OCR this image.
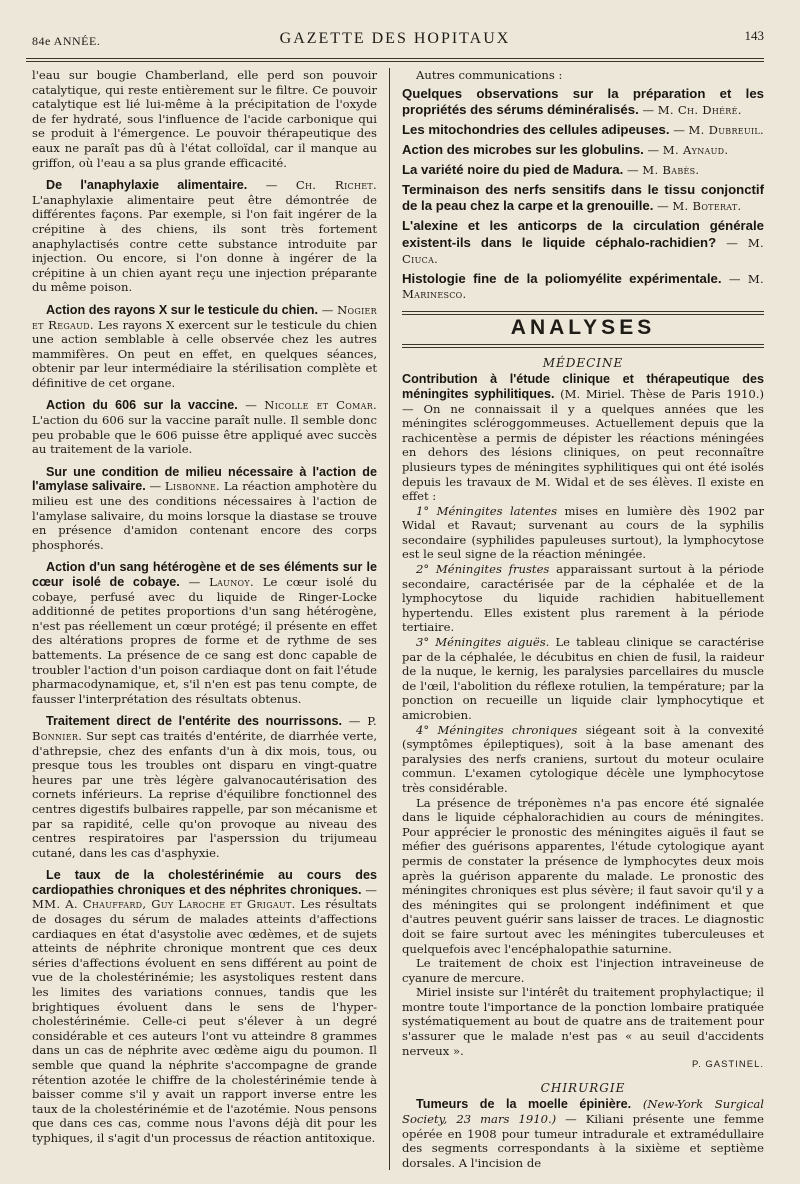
84e ANNÉE.	GAZETTE DES HOPITAUX	143

l'eau sur bougie Chamberland, elle perd son pouvoir catalytique, qui reste entièrement sur le filtre. Ce pouvoir catalytique est lié lui-même à la précipitation de l'oxyde de fer hydraté, sous l'influence de l'acide carbonique qui se produit à l'émergence. Le pouvoir thérapeutique des eaux ne paraît pas dû à l'état colloïdal, car il manque au griffon, où l'eau a sa plus grande efficacité.

De l'anaphylaxie alimentaire. — Ch. Richet. L'anaphylaxie alimentaire peut être démontrée de différentes façons. Par exemple, si l'on fait ingérer de la crépitine à des chiens, ils sont très fortement anaphylactisés contre cette substance introduite par injection. Ou encore, si l'on donne à ingérer de la crépitine à un chien ayant reçu une injection préparante du même poison.

Action des rayons X sur le testicule du chien. — Nogier et Regaud. Les rayons X exercent sur le testicule du chien une action semblable à celle observée chez les autres mammifères. On peut en effet, en quelques séances, obtenir par leur intermédiaire la stérilisation complète et définitive de cet organe.

Action du 606 sur la vaccine. — Nicolle et Comar. L'action du 606 sur la vaccine paraît nulle. Il semble donc peu probable que le 606 puisse être appliqué avec succès au traitement de la variole.

Sur une condition de milieu nécessaire à l'action de l'amylase salivaire. — Lisbonne. La réaction amphotère du milieu est une des conditions nécessaires à l'action de l'amylase salivaire, du moins lorsque la diastase se trouve en présence d'amidon contenant encore des corps phosphorés.

Action d'un sang hétérogène et de ses éléments sur le cœur isolé de cobaye. — Launoy. Le cœur isolé du cobaye, perfusé avec du liquide de Ringer-Locke additionné de petites proportions d'un sang hétérogène, n'est pas réellement un cœur protégé; il présente en effet des altérations propres de forme et de rythme de ses battements. La présence de ce sang est donc capable de troubler l'action d'un poison cardiaque dont on fait l'étude pharmacodynamique, et, s'il n'en est pas tenu compte, de fausser l'interprétation des résultats obtenus.

Traitement direct de l'entérite des nourrissons. — P. Bonnier. Sur sept cas traités d'entérite, de diarrhée verte, d'athrepsie, chez des enfants d'un à dix mois, tous, ou presque tous les troubles ont disparu en vingt-quatre heures par une très légère galvanocautérisation des cornets inférieurs. La reprise d'équilibre fonctionnel des centres digestifs bulbaires rappelle, par son mécanisme et par sa rapidité, celle qu'on provoque au niveau des centres respiratoires par l'asperssion du trijumeau cutané, dans les cas d'asphyxie.

Le taux de la cholestérinémie au cours des cardiopathies chroniques et des néphrites chroniques. — MM. A. Chauffard, Guy Laroche et Grigaut. Les résultats de dosages du sérum de malades atteints d'affections cardiaques en état d'asystolie avec œdèmes, et de sujets atteints de néphrite chronique montrent que ces deux séries d'affections évoluent en sens différent au point de vue de la cholestérinémie; les asystoliques restent dans les limites des variations connues, tandis que les brightiques évoluent dans le sens de l'hyper-cholestérinémie. Celle-ci peut s'élever à un degré considérable et ces auteurs l'ont vu atteindre 8 grammes dans un cas de néphrite avec œdème aigu du poumon. Il semble que quand la néphrite s'accompagne de grande rétention azotée le chiffre de la cholestérinémie tende à baisser comme s'il y avait un rapport inverse entre les taux de la cholestérinémie et de l'azotémie. Nous pensons que dans ces cas, comme nous l'avons déjà dit pour les typhiques, il s'agit d'un processus de réaction antitoxique.

Autres communications :

Quelques observations sur la préparation et les propriétés des sérums déminéralisés. — M. Ch. Dhéré.

Les mitochondries des cellules adipeuses. — M. Dubreuil.

Action des microbes sur les globulins. — M. Aynaud.

La variété noire du pied de Madura. — M. Babès.

Terminaison des nerfs sensitifs dans le tissu conjonctif de la peau chez la carpe et la grenouille. — M. Boterat.

L'alexine et les anticorps de la circulation générale existent-ils dans le liquide céphalo-rachidien? — M. Ciuca.

Histologie fine de la poliomyélite expérimentale. — M. Marinesco.

ANALYSES
MÉDECINE

Contribution à l'étude clinique et thérapeutique des méningites syphilitiques. (M. Miriel. Thèse de Paris 1910.) — On ne connaissait il y a quelques années que les méningites scléroggommeuses. Actuellement depuis que la rachicentèse a permis de dépister les réactions méningées en dehors des lésions cliniques, on peut reconnaître plusieurs types de méningites syphilitiques qui ont été isolés depuis les travaux de M. Widal et de ses élèves. Il existe en effet :

1° Méningites latentes mises en lumière dès 1902 par Widal et Ravaut; survenant au cours de la syphilis secondaire (syphilides papuleuses surtout), la lymphocytose est le seul signe de la réaction méningée.

2° Méningites frustes apparaissant surtout à la période secondaire, caractérisée par de la céphalée et de la lymphocytose du liquide rachidien habituellement hypertendu. Elles existent plus rarement à la période tertiaire.

3° Méningites aiguës. Le tableau clinique se caractérise par de la céphalée, le décubitus en chien de fusil, la raideur de la nuque, le kernig, les paralysies parcellaires du muscle de l'œil, l'abolition du réflexe rotulien, la température; par la ponction on recueille un liquide clair lymphocytique et amicrobien.

4° Méningites chroniques siégeant soit à la convexité (symptômes épileptiques), soit à la base amenant des paralysies des nerfs craniens, surtout du moteur oculaire commun. L'examen cytologique décèle une lymphocytose très considérable.

La présence de tréponèmes n'a pas encore été signalée dans le liquide céphalorachidien au cours de méningites. Pour apprécier le pronostic des méningites aiguës il faut se méfier des guérisons apparentes, l'étude cytologique ayant permis de constater la présence de lymphocytes deux mois après la guérison apparente du malade. Le pronostic des méningites chroniques est plus sévère; il faut savoir qu'il y a des méningites qui se prolongent indéfiniment et que d'autres peuvent guérir sans laisser de traces. Le diagnostic doit se faire surtout avec les méningites tuberculeuses et quelquefois avec l'encéphalopathie saturnine.

Le traitement de choix est l'injection intraveineuse de cyanure de mercure.

Miriel insiste sur l'intérêt du traitement prophylactique; il montre toute l'importance de la ponction lombaire pratiquée systématiquement au bout de quatre ans de traitement pour s'assurer que le malade n'est pas « au seuil d'accidents nerveux ».

P. GASTINEL.
CHIRURGIE

Tumeurs de la moelle épinière. (New-York Surgical Society, 23 mars 1910.) — Kiliani présente une femme opérée en 1908 pour tumeur intradurale et extramédullaire des segments correspondants à la sixième et septième dorsales. A l'incision de
